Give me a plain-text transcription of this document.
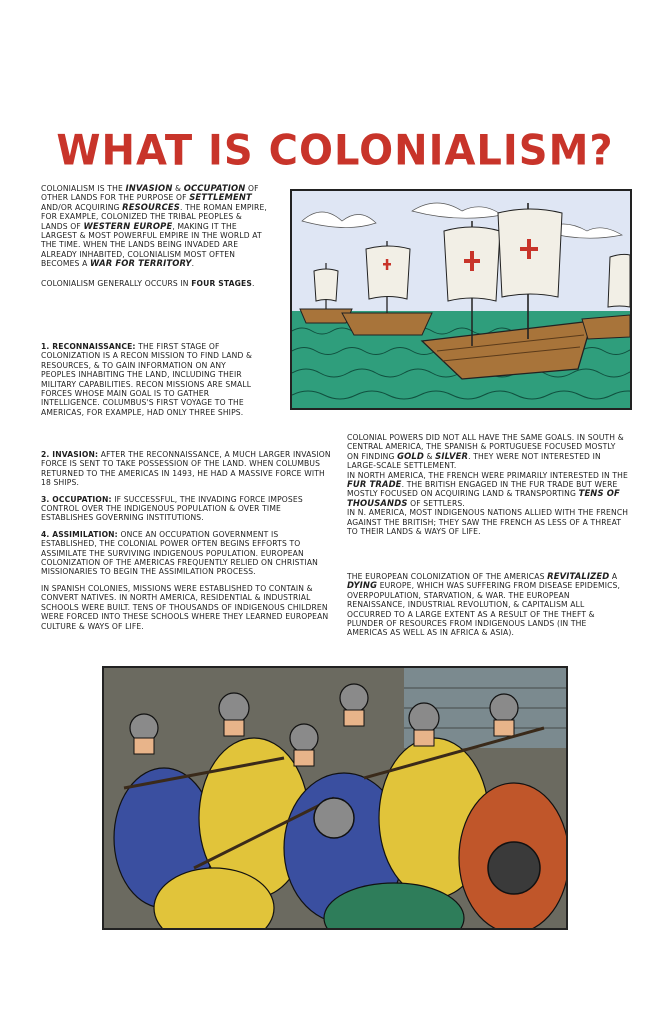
WHAT IS COLONIALISM?

COLONIALISM IS THE INVASION & OCCUPATION OF OTHER LANDS FOR THE PURPOSE OF SETTLEMENT AND/OR ACQUIRING RESOURCES. THE ROMAN EMPIRE, FOR EXAMPLE, COLONIZED THE TRIBAL PEOPLES & LANDS OF WESTERN EUROPE, MAKING IT THE LARGEST & MOST POWERFUL EMPIRE IN THE WORLD AT THE TIME. WHEN THE LANDS BEING INVADED ARE ALREADY INHABITED, COLONIALISM MOST OFTEN BECOMES A WAR FOR TERRITORY.

COLONIALISM GENERALLY OCCURS IN FOUR STAGES.

1. RECONNAISSANCE: THE FIRST STAGE OF COLONIZATION IS A RECON MISSION TO FIND LAND & RESOURCES, & TO GAIN INFORMATION ON ANY PEOPLES INHABITING THE LAND, INCLUDING THEIR MILITARY CAPABILITIES. RECON MISSIONS ARE SMALL FORCES WHOSE MAIN GOAL IS TO GATHER INTELLIGENCE. COLUMBUS'S FIRST VOYAGE TO THE AMERICAS, FOR EXAMPLE, HAD ONLY THREE SHIPS.

2. INVASION: AFTER THE RECONNAISSANCE, A MUCH LARGER INVASION FORCE IS SENT TO TAKE POSSESSION OF THE LAND. WHEN COLUMBUS RETURNED TO THE AMERICAS IN 1493, HE HAD A MASSIVE FORCE WITH 18 SHIPS.

3. OCCUPATION: IF SUCCESSFUL, THE INVADING FORCE IMPOSES CONTROL OVER THE INDIGENOUS POPULATION & OVER TIME ESTABLISHES GOVERNING INSTITUTIONS.

4. ASSIMILATION: ONCE AN OCCUPATION GOVERNMENT IS ESTABLISHED, THE COLONIAL POWER OFTEN BEGINS EFFORTS TO ASSIMILATE THE SURVIVING INDIGENOUS POPULATION. EUROPEAN COLONIZATION OF THE AMERICAS FREQUENTLY RELIED ON CHRISTIAN MISSIONARIES TO BEGIN THE ASSIMILATION PROCESS.

IN SPANISH COLONIES, MISSIONS WERE ESTABLISHED TO CONTAIN & CONVERT NATIVES. IN NORTH AMERICA, RESIDENTIAL & INDUSTRIAL SCHOOLS WERE BUILT. TENS OF THOUSANDS OF INDIGENOUS CHILDREN WERE FORCED INTO THESE SCHOOLS WHERE THEY LEARNED EUROPEAN CULTURE & WAYS OF LIFE.

COLONIAL POWERS DID NOT ALL HAVE THE SAME GOALS. IN SOUTH & CENTRAL AMERICA, THE SPANISH & PORTUGUESE FOCUSED MOSTLY ON FINDING GOLD & SILVER. THEY WERE NOT INTERESTED IN LARGE-SCALE SETTLEMENT.
IN NORTH AMERICA, THE FRENCH WERE PRIMARILY INTERESTED IN THE FUR TRADE. THE BRITISH ENGAGED IN THE FUR TRADE BUT WERE MOSTLY FOCUSED ON ACQUIRING LAND & TRANSPORTING TENS OF THOUSANDS OF SETTLERS.
IN N. AMERICA, MOST INDIGENOUS NATIONS ALLIED WITH THE FRENCH AGAINST THE BRITISH; THEY SAW THE FRENCH AS LESS OF A THREAT TO THEIR LANDS & WAYS OF LIFE.

THE EUROPEAN COLONIZATION OF THE AMERICAS REVITALIZED A DYING EUROPE, WHICH WAS SUFFERING FROM DISEASE EPIDEMICS, OVERPOPULATION, STARVATION, & WAR. THE EUROPEAN RENAISSANCE, INDUSTRIAL REVOLUTION, & CAPITALISM ALL OCCURRED TO A LARGE EXTENT AS A RESULT OF THE THEFT & PLUNDER OF RESOURCES FROM INDIGENOUS LANDS (IN THE AMERICAS AS WELL AS IN AFRICA & ASIA).
